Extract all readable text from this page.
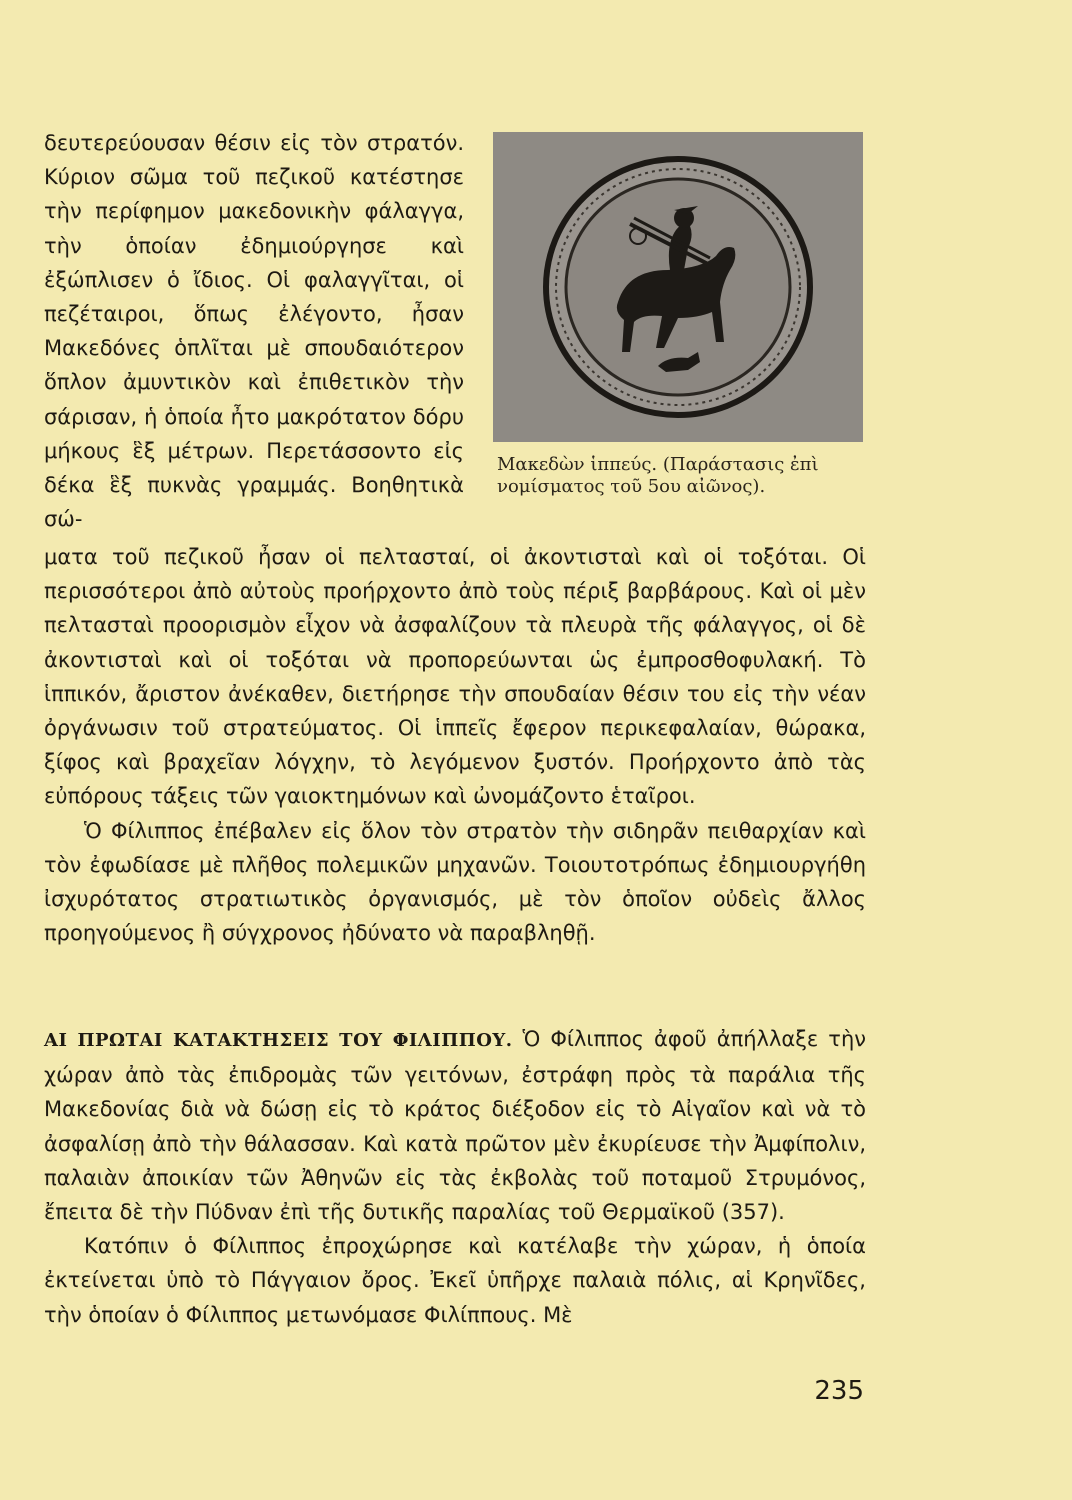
δευτερεύουσαν θέσιν εἰς τὸν στρατόν. Κύριον σῶμα τοῦ πεζικοῦ κατέστησε τὴν περίφημον μακεδονικὴν φάλαγγα, τὴν ὁποίαν ἐδημιούργησε καὶ ἐξώπλισεν ὁ ἴδιος. Οἱ φαλαγγῖται, οἱ πεζέταιροι, ὅπως ἐλέγοντο, ἦσαν Μακεδόνες ὁπλῖται μὲ σπουδαιότερον ὅπλον ἀμυντικὸν καὶ ἐπιθετικὸν τὴν σάρισαν, ἡ ὁποία ἦτο μακρότατον δόρυ μήκους ἓξ μέτρων. Περετάσσοντο εἰς δέκα ἓξ πυκνὰς γραμμάς. Βοηθητικὰ σώ-

Μακεδὼν ἱππεύς. (Παράστασις ἐπὶ νομίσματος τοῦ 5ου αἰῶνος).

ματα τοῦ πεζικοῦ ἦσαν οἱ πελτασταί, οἱ ἀκοντισταὶ καὶ οἱ τοξόται. Οἱ περισσότεροι ἀπὸ αὐτοὺς προήρχοντο ἀπὸ τοὺς πέριξ βαρβάρους. Καὶ οἱ μὲν πελτασταὶ προορισμὸν εἶχον νὰ ἀσφαλίζουν τὰ πλευρὰ τῆς φάλαγγος, οἱ δὲ ἀκοντισταὶ καὶ οἱ τοξόται νὰ προπορεύωνται ὡς ἐμπροσθοφυλακή. Τὸ ἱππικόν, ἄριστον ἀνέκαθεν, διετήρησε τὴν σπουδαίαν θέσιν του εἰς τὴν νέαν ὀργάνωσιν τοῦ στρατεύματος. Οἱ ἱππεῖς ἔφερον περικεφαλαίαν, θώρακα, ξίφος καὶ βραχεῖαν λόγχην, τὸ λεγόμενον ξυστόν. Προήρχοντο ἀπὸ τὰς εὐπόρους τάξεις τῶν γαιοκτημόνων καὶ ὠνομάζοντο ἑταῖροι.

Ὁ Φίλιππος ἐπέβαλεν εἰς ὅλον τὸν στρατὸν τὴν σιδηρᾶν πειθαρχίαν καὶ τὸν ἐφωδίασε μὲ πλῆθος πολεμικῶν μηχανῶν. Τοιουτοτρόπως ἐδημιουργήθη ἰσχυρότατος στρατιωτικὸς ὀργανισμός, μὲ τὸν ὁποῖον οὐδεὶς ἄλλος προηγούμενος ἢ σύγχρονος ἠδύνατο νὰ παραβληθῇ.

ΑΙ ΠΡΩΤΑΙ ΚΑΤΑΚΤΗΣΕΙΣ ΤΟΥ ΦΙΛΙΠΠΟΥ. Ὁ Φίλιππος ἀφοῦ ἀπήλλαξε τὴν χώραν ἀπὸ τὰς ἐπιδρομὰς τῶν γειτόνων, ἐστράφη πρὸς τὰ παράλια τῆς Μακεδονίας διὰ νὰ δώσῃ εἰς τὸ κράτος διέξοδον εἰς τὸ Αἰγαῖον καὶ νὰ τὸ ἀσφαλίσῃ ἀπὸ τὴν θάλασσαν. Καὶ κατὰ πρῶτον μὲν ἐκυρίευσε τὴν Ἀμφίπολιν, παλαιὰν ἀποικίαν τῶν Ἀθηνῶν εἰς τὰς ἐκβολὰς τοῦ ποταμοῦ Στρυμόνος, ἔπειτα δὲ τὴν Πύδναν ἐπὶ τῆς δυτικῆς παραλίας τοῦ Θερμαϊκοῦ (357).

Κατόπιν ὁ Φίλιππος ἐπροχώρησε καὶ κατέλαβε τὴν χώραν, ἡ ὁποία ἐκτείνεται ὑπὸ τὸ Πάγγαιον ὄρος. Ἐκεῖ ὑπῆρχε παλαιὰ πόλις, αἱ Κρηνῖδες, τὴν ὁποίαν ὁ Φίλιππος μετωνόμασε Φιλίππους. Μὲ

235
